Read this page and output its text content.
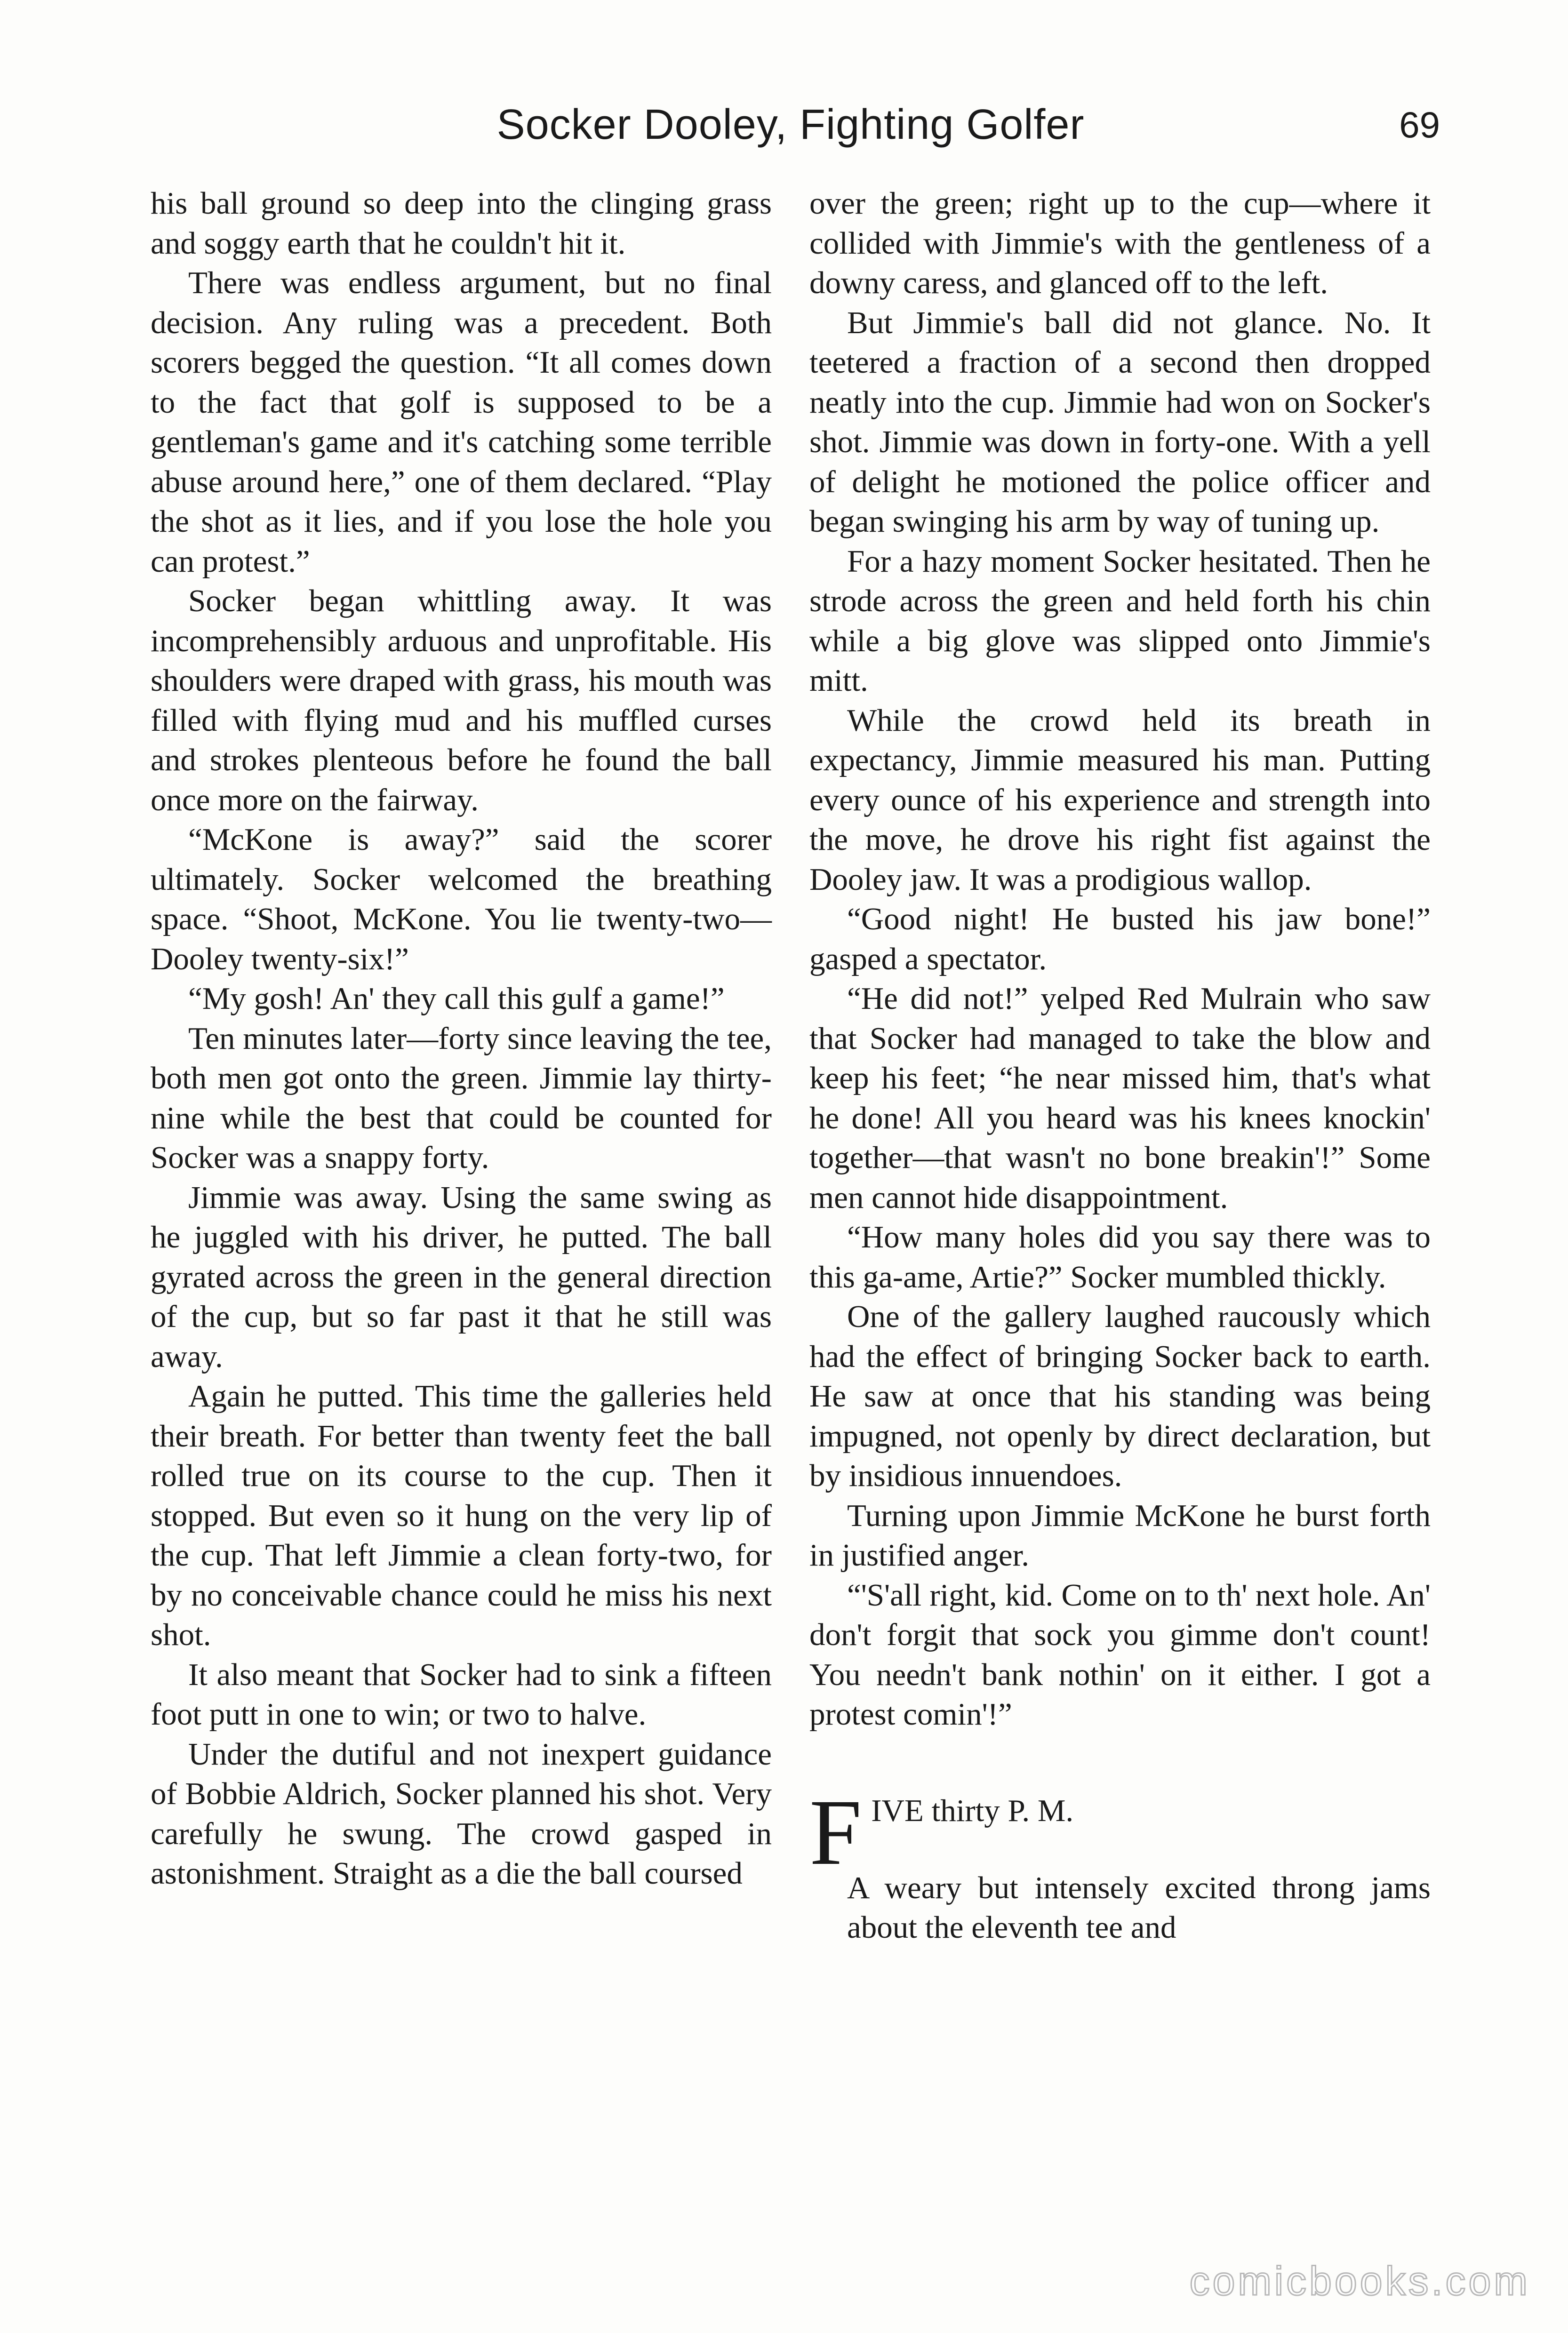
Socker Dooley, Fighting Golfer	69

his ball ground so deep into the clinging grass and soggy earth that he couldn't hit it.

There was endless argument, but no final decision. Any ruling was a precedent. Both scorers begged the question. “It all comes down to the fact that golf is supposed to be a gentleman's game and it's catching some terrible abuse around here,” one of them declared. “Play the shot as it lies, and if you lose the hole you can protest.”

Socker began whittling away. It was incomprehensibly arduous and unprofitable. His shoulders were draped with grass, his mouth was filled with flying mud and his muffled curses and strokes plenteous before he found the ball once more on the fairway.

“McKone is away?” said the scorer ultimately. Socker welcomed the breathing space. “Shoot, McKone. You lie twenty-two—Dooley twenty-six!”

“My gosh! An' they call this gulf a game!”

Ten minutes later—forty since leaving the tee, both men got onto the green. Jimmie lay thirty-nine while the best that could be counted for Socker was a snappy forty.

Jimmie was away. Using the same swing as he juggled with his driver, he putted. The ball gyrated across the green in the general direction of the cup, but so far past it that he still was away.

Again he putted. This time the galleries held their breath. For better than twenty feet the ball rolled true on its course to the cup. Then it stopped. But even so it hung on the very lip of the cup. That left Jimmie a clean forty-two, for by no conceivable chance could he miss his next shot.

It also meant that Socker had to sink a fifteen foot putt in one to win; or two to halve.

Under the dutiful and not inexpert guidance of Bobbie Aldrich, Socker planned his shot. Very carefully he swung. The crowd gasped in astonishment. Straight as a die the ball coursed

over the green; right up to the cup—where it collided with Jimmie's with the gentleness of a downy caress, and glanced off to the left.

But Jimmie's ball did not glance. No. It teetered a fraction of a second then dropped neatly into the cup. Jimmie had won on Socker's shot. Jimmie was down in forty-one. With a yell of delight he motioned the police officer and began swinging his arm by way of tuning up.

For a hazy moment Socker hesitated. Then he strode across the green and held forth his chin while a big glove was slipped onto Jimmie's mitt.

While the crowd held its breath in expectancy, Jimmie measured his man. Putting every ounce of his experience and strength into the move, he drove his right fist against the Dooley jaw. It was a prodigious wallop.

“Good night! He busted his jaw bone!” gasped a spectator.

“He did not!” yelped Red Mulrain who saw that Socker had managed to take the blow and keep his feet; “he near missed him, that's what he done! All you heard was his knees knockin' together—that wasn't no bone breakin'!” Some men cannot hide disappointment.

“How many holes did you say there was to this ga-ame, Artie?” Socker mumbled thickly.

One of the gallery laughed raucously which had the effect of bringing Socker back to earth. He saw at once that his standing was being impugned, not openly by direct declaration, but by insidious innuendoes.

Turning upon Jimmie McKone he burst forth in justified anger.

“'S'all right, kid. Come on to th' next hole. An' don't forgit that sock you gimme don't count! You needn't bank nothin' on it either. I got a protest comin'!”

F IVE thirty P. M.
A weary but intensely excited throng jams about the eleventh tee and
comicbooks.com
